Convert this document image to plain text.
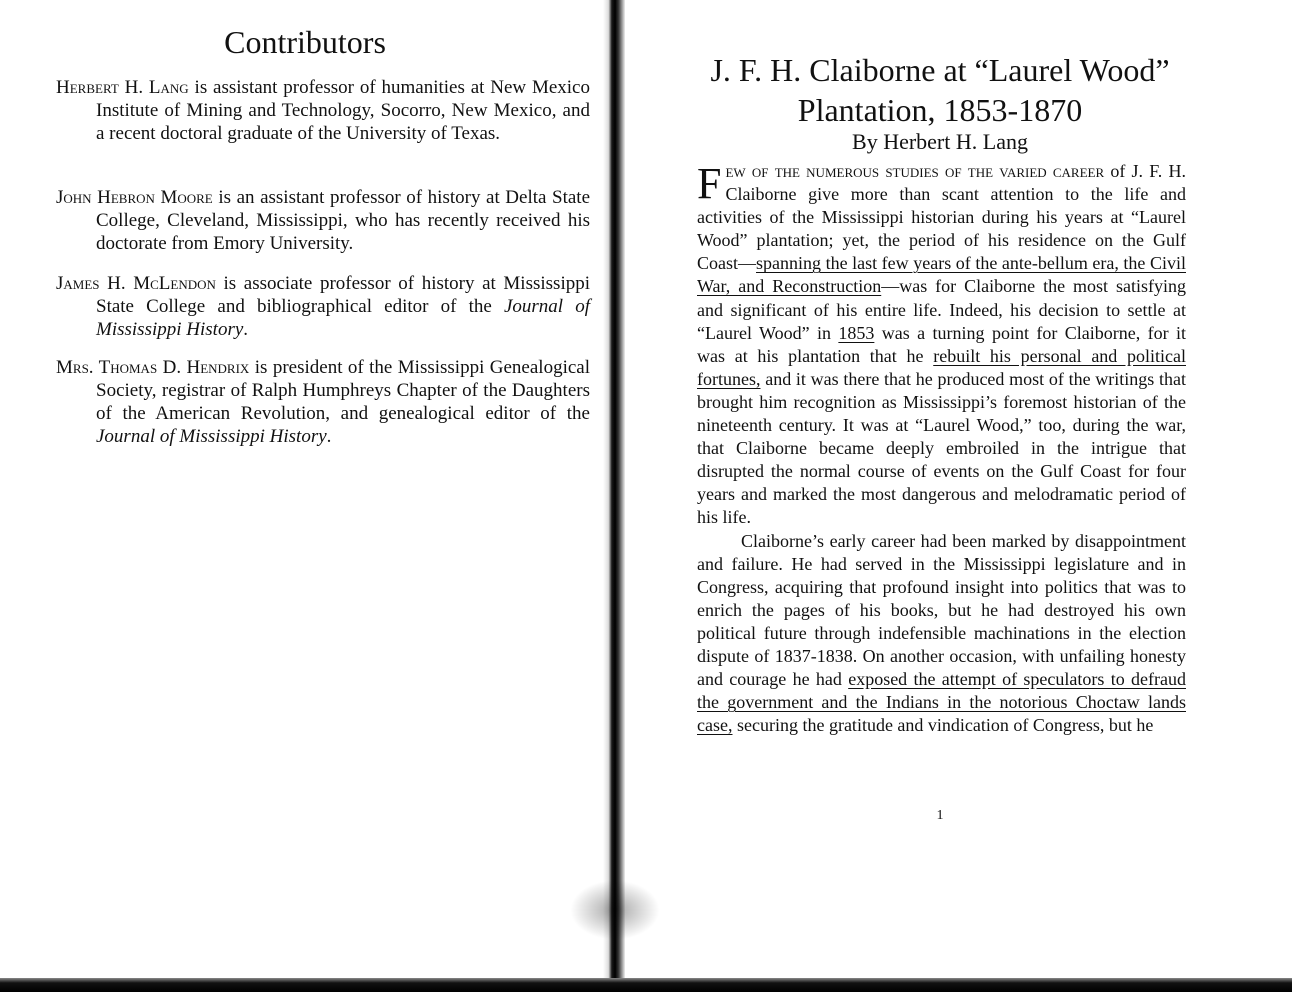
Contributors

Herbert H. Lang is assistant professor of humanities at New Mexico Institute of Mining and Technology, Socorro, New Mexico, and a recent doctoral graduate of the University of Texas.

John Hebron Moore is an assistant professor of history at Delta State College, Cleveland, Mississippi, who has recently received his doctorate from Emory University.

James H. McLendon is associate professor of history at Mississippi State College and bibliographical editor of the Journal of Mississippi History.

Mrs. Thomas D. Hendrix is president of the Mississippi Genealogical Society, registrar of Ralph Humphreys Chapter of the Daughters of the American Revolution, and genealogical editor of the Journal of Mississippi History.

J. F. H. Claiborne at “Laurel Wood”
Plantation, 1853-1870

By Herbert H. Lang

Few of the numerous studies of the varied career of J. F. H. Claiborne give more than scant attention to the life and activities of the Mississippi historian during his years at “Laurel Wood” plantation; yet, the period of his residence on the Gulf Coast—spanning the last few years of the ante-bellum era, the Civil War, and Reconstruction—was for Claiborne the most satisfying and significant of his entire life. Indeed, his decision to settle at “Laurel Wood” in 1853 was a turning point for Claiborne, for it was at his plantation that he rebuilt his personal and political fortunes, and it was there that he produced most of the writings that brought him recognition as Mississippi’s foremost historian of the nineteenth century. It was at “Laurel Wood,” too, during the war, that Claiborne became deeply embroiled in the intrigue that disrupted the normal course of events on the Gulf Coast for four years and marked the most dangerous and melodramatic period of his life.

Claiborne’s early career had been marked by disappointment and failure. He had served in the Mississippi legislature and in Congress, acquiring that profound insight into politics that was to enrich the pages of his books, but he had destroyed his own political future through indefensible machinations in the election dispute of 1837-1838. On another occasion, with unfailing honesty and courage he had exposed the attempt of speculators to defraud the government and the Indians in the notorious Choctaw lands case, securing the gratitude and vindication of Congress, but he

1
